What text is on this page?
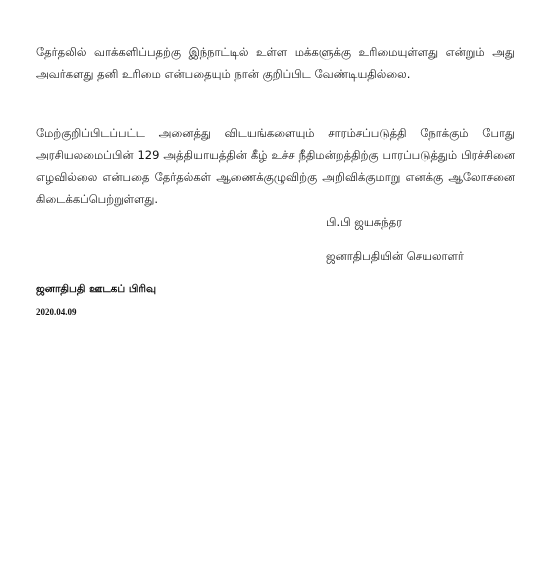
தேர்தலில் வாக்களிப்பதற்கு இந்நாட்டில் உள்ள மக்களுக்கு உரிமையுள்ளது என்றும் அது அவர்களது தனி உரிமை என்பதையும் நான் குறிப்பிட வேண்டியதில்லை.

மேற்குறிப்பிடப்பட்ட அனைத்து விடயங்களையும் சாரம்சப்படுத்தி நோக்கும் போது அரசியலமைப்பின் 129 அத்தியாயத்தின் கீழ் உச்ச நீதிமன்றத்திற்கு பாரப்படுத்தும் பிரச்சினை எழவில்லை என்பதை தேர்தல்கள் ஆணைக்குழுவிற்கு அறிவிக்குமாறு எனக்கு ஆலோசனை கிடைக்கப்பெற்றுள்ளது.

பி.பி ஜயசுந்தர

ஜனாதிபதியின் செயலாளர்

ஜனாதிபதி ஊடகப் பிரிவு

2020.04.09
